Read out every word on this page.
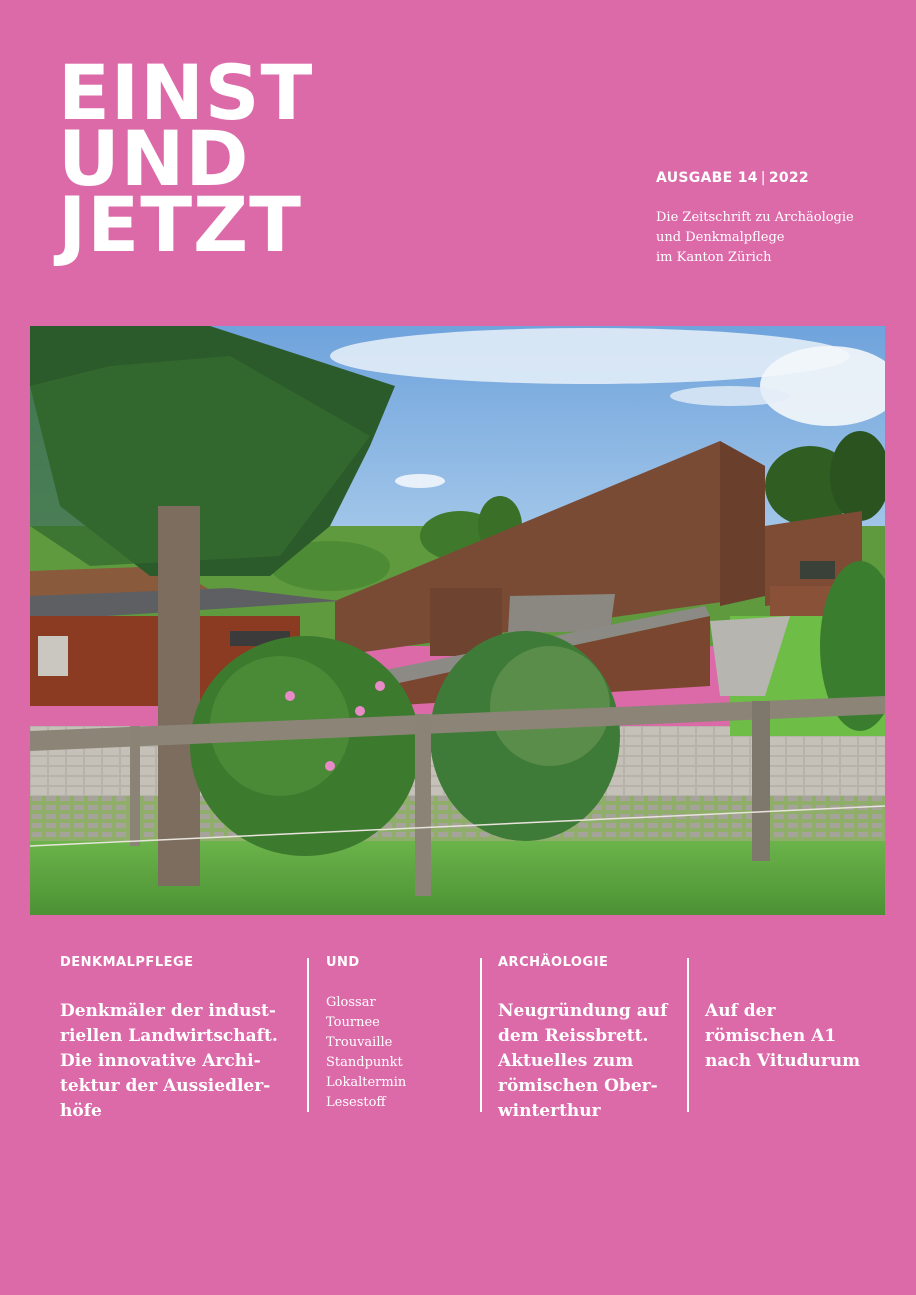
EINST
UND
JETZT
AUSGABE 14 | 2022
Die Zeitschrift zu Archäologie
und Denkmalpflege
im Kanton Zürich
DENKMALPFLEGE
Denkmäler der indust-
riellen Landwirtschaft.
Die innovative Archi-
tektur der Aussiedler-
höfe
UND
Glossar
Tournee
Trouvaille
Standpunkt
Lokaltermin
Lesestoff
ARCHÄOLOGIE
Neugründung auf
dem Reissbrett.
Aktuelles zum
römischen Ober-
winterthur
Auf der
römischen A1
nach Vitudurum
